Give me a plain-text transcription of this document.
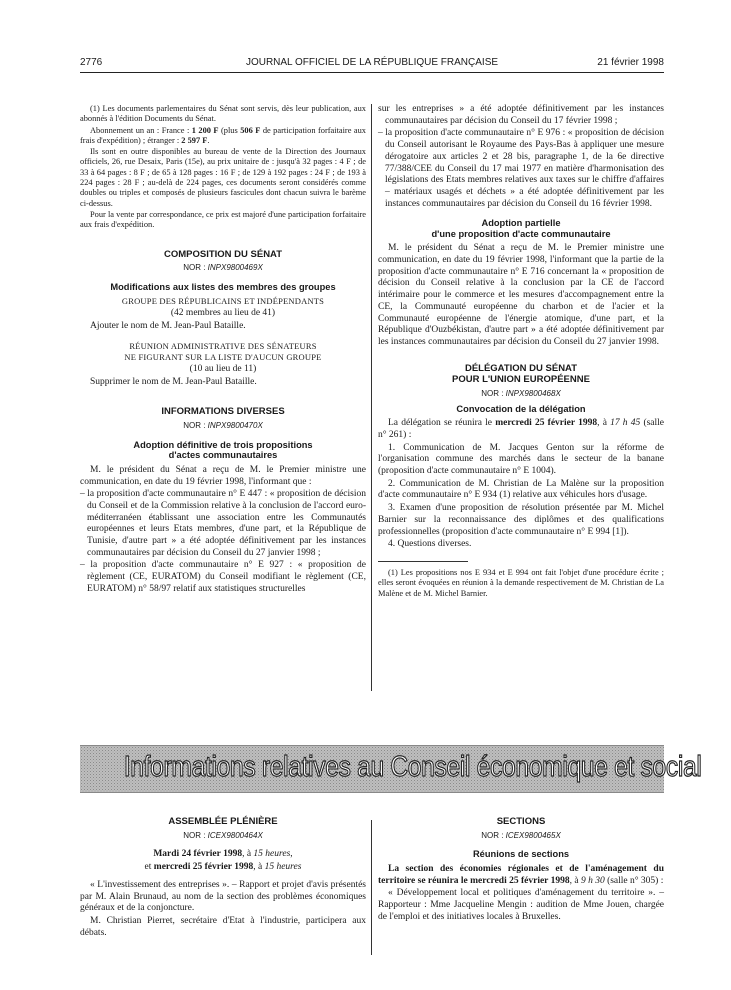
2776	JOURNAL OFFICIEL DE LA RÉPUBLIQUE FRANÇAISE	21 février 1998

(1) Les documents parlementaires du Sénat sont servis, dès leur publication, aux abonnés à l'édition Documents du Sénat.

Abonnement un an : France : 1 200 F (plus 506 F de participation forfaitaire aux frais d'expédition) ; étranger : 2 597 F.

Ils sont en outre disponibles au bureau de vente de la Direction des Journaux officiels, 26, rue Desaix, Paris (15e), au prix unitaire de : jusqu'à 32 pages : 4 F ; de 33 à 64 pages : 8 F ; de 65 à 128 pages : 16 F ; de 129 à 192 pages : 24 F ; de 193 à 224 pages : 28 F ; au-delà de 224 pages, ces documents seront considérés comme doubles ou triples et composés de plusieurs fascicules dont chacun suivra le barème ci-dessus.

Pour la vente par correspondance, ce prix est majoré d'une participation forfaitaire aux frais d'expédition.

COMPOSITION DU SÉNAT
NOR : INPX9800469X
Modifications aux listes des membres des groupes
GROUPE DES RÉPUBLICAINS ET INDÉPENDANTS

(42 membres au lieu de 41)

Ajouter le nom de M. Jean-Paul Bataille.

RÉUNION ADMINISTRATIVE DES SÉNATEURS
NE FIGURANT SUR LA LISTE D'AUCUN GROUPE

(10 au lieu de 11)

Supprimer le nom de M. Jean-Paul Bataille.

INFORMATIONS DIVERSES
NOR : INPX9800470X
Adoption définitive de trois propositions
d'actes communautaires

M. le président du Sénat a reçu de M. le Premier ministre une communication, en date du 19 février 1998, l'informant que :

– la proposition d'acte communautaire n° E 447 : « proposition de décision du Conseil et de la Commission relative à la conclusion de l'accord euro-méditerranéen établissant une association entre les Communautés européennes et leurs Etats membres, d'une part, et la République de Tunisie, d'autre part » a été adoptée définitivement par les instances communautaires par décision du Conseil du 27 janvier 1998 ;

– la proposition d'acte communautaire n° E 927 : « proposition de règlement (CE, EURATOM) du Conseil modifiant le règlement (CE, EURATOM) n° 58/97 relatif aux statistiques structurelles

sur les entreprises » a été adoptée définitivement par les instances communautaires par décision du Conseil du 17 février 1998 ;

– la proposition d'acte communautaire n° E 976 : « proposition de décision du Conseil autorisant le Royaume des Pays-Bas à appliquer une mesure dérogatoire aux articles 2 et 28 bis, paragraphe 1, de la 6e directive 77/388/CEE du Conseil du 17 mai 1977 en matière d'harmonisation des législations des Etats membres relatives aux taxes sur le chiffre d'affaires – matériaux usagés et déchets » a été adoptée définitivement par les instances communautaires par décision du Conseil du 16 février 1998.

Adoption partielle
d'une proposition d'acte communautaire

M. le président du Sénat a reçu de M. le Premier ministre une communication, en date du 19 février 1998, l'informant que la partie de la proposition d'acte communautaire n° E 716 concernant la « proposition de décision du Conseil relative à la conclusion par la CE de l'accord intérimaire pour le commerce et les mesures d'accompagnement entre la CE, la Communauté européenne du charbon et de l'acier et la Communauté européenne de l'énergie atomique, d'une part, et la République d'Ouzbékistan, d'autre part » a été adoptée définitivement par les instances communautaires par décision du Conseil du 27 janvier 1998.

DÉLÉGATION DU SÉNAT
POUR L'UNION EUROPÉENNE
NOR : INPX9800468X
Convocation de la délégation

La délégation se réunira le mercredi 25 février 1998, à 17 h 45 (salle n° 261) :

1. Communication de M. Jacques Genton sur la réforme de l'organisation commune des marchés dans le secteur de la banane (proposition d'acte communautaire n° E 1004).

2. Communication de M. Christian de La Malène sur la proposition d'acte communautaire n° E 934 (1) relative aux véhicules hors d'usage.

3. Examen d'une proposition de résolution présentée par M. Michel Barnier sur la reconnaissance des diplômes et des qualifications professionnelles (proposition d'acte communautaire n° E 994 [1]).

4. Questions diverses.

(1) Les propositions nos E 934 et E 994 ont fait l'objet d'une procédure écrite ; elles seront évoquées en réunion à la demande respectivement de M. Christian de La Malène et de M. Michel Barnier.

Informations relatives au Conseil économique et social
ASSEMBLÉE PLÉNIÈRE
NOR : ICEX9800464X

Mardi 24 février 1998, à 15 heures,

et mercredi 25 février 1998, à 15 heures

« L'investissement des entreprises ». – Rapport et projet d'avis présentés par M. Alain Brunaud, au nom de la section des problèmes économiques généraux et de la conjoncture.

M. Christian Pierret, secrétaire d'Etat à l'industrie, participera aux débats.

SECTIONS
NOR : ICEX9800465X
Réunions de sections

La section des économies régionales et de l'aménagement du territoire se réunira le mercredi 25 février 1998, à 9 h 30 (salle n° 305) :

« Développement local et politiques d'aménagement du territoire ». – Rapporteur : Mme Jacqueline Mengin : audition de Mme Jouen, chargée de l'emploi et des initiatives locales à Bruxelles.
